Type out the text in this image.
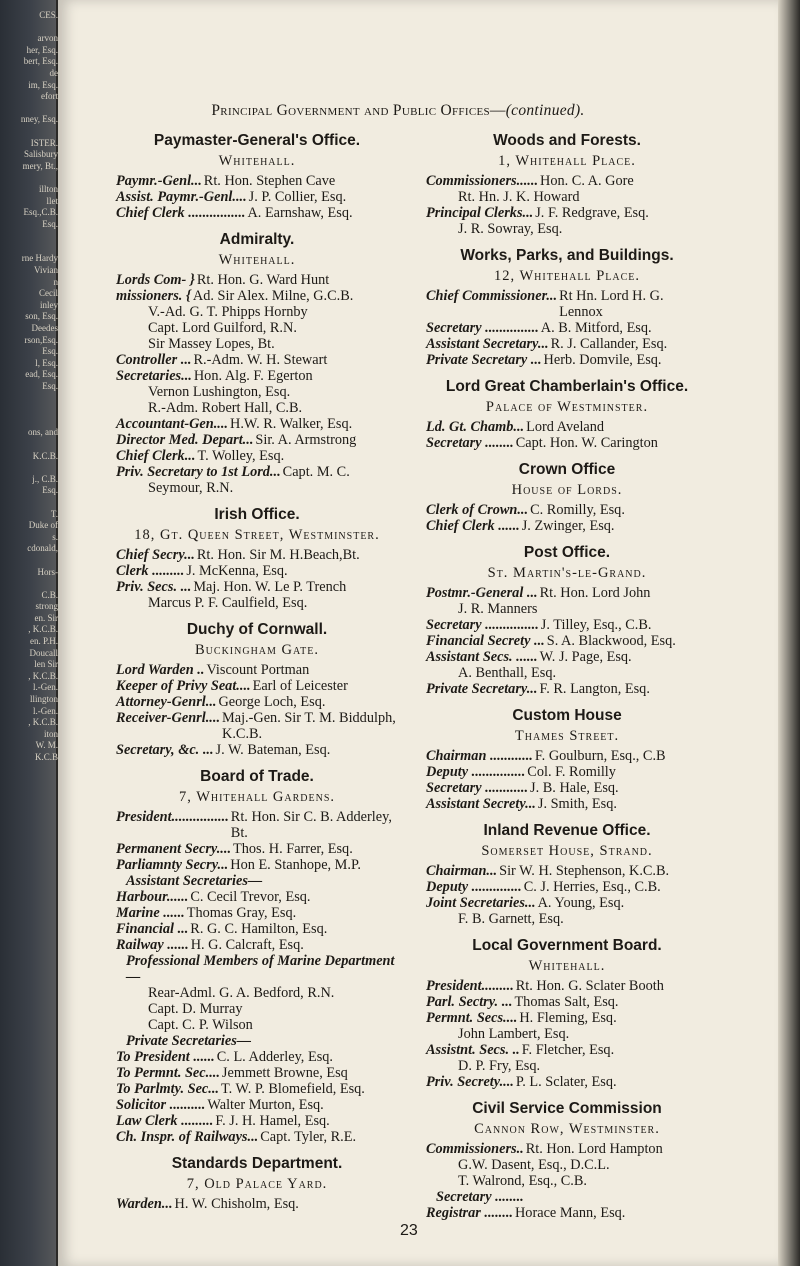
CES.
arvon
her, Esq.
bert, Esq.
de
im, Esq.
efort
nney, Esq.
ISTER.
Salisbury
mery, Bt.,
illton
llet
Esq.,C.B.
Esq.
rne Hardy
Vivian
n
Cecil
inley
son, Esq.
Deedes
rson,Esq.
Esq.
l, Esq.
ead, Esq.
Esq.
ons, and
K.C.B.
j., C.B.
Esq.
T.
Duke of
s.
cdonald,
Hors-
C.B.
strong
en. Sir
, K.C.B.
en. P.H.
Doucall
len Sir
, K.C.B.
l.-Gen.
llington
l.-Gen.
, K.C.B.
iton
W. M.
K.C.B
Principal Government and Public Offices—(continued).
Paymaster-General's Office.
Whitehall.
Paymr.-Genl... Rt. Hon. Stephen Cave
Assist. Paymr.-Genl.... J. P. Collier, Esq.
Chief Clerk ................ A. Earnshaw, Esq.
Admiralty.
Whitehall.
Lords Com- } Rt. Hon. G. Ward Hunt
missioners. { Ad. Sir Alex. Milne, G.C.B.
V.-Ad. G. T. Phipps Hornby
Capt. Lord Guilford, R.N.
Sir Massey Lopes, Bt.
Controller ... R.-Adm. W. H. Stewart
Secretaries... Hon. Alg. F. Egerton
Vernon Lushington, Esq.
R.-Adm. Robert Hall, C.B.
Accountant-Gen.... H.W. R. Walker, Esq.
Director Med. Depart... Sir. A. Armstrong
Chief Clerk... T. Wolley, Esq.
Priv. Secretary to 1st Lord... Capt. M. C.
Seymour, R.N.
Irish Office.
18, Gt. Queen Street, Westminster.
Chief Secry... Rt. Hon. Sir M. H.Beach,Bt.
Clerk ......... J. McKenna, Esq.
Priv. Secs. ... Maj. Hon. W. Le P. Trench
Marcus P. F. Caulfield, Esq.
Duchy of Cornwall.
Buckingham Gate.
Lord Warden .. Viscount Portman
Keeper of Privy Seat.... Earl of Leicester
Attorney-Genrl... George Loch, Esq.
Receiver-Genrl.... Maj.-Gen. Sir T. M. Biddulph, K.C.B.
Secretary, &c. ... J. W. Bateman, Esq.
Board of Trade.
7, Whitehall Gardens.
President................ Rt. Hon. Sir C. B. Adderley, Bt.
Permanent Secry.... Thos. H. Farrer, Esq.
Parliamnty Secry... Hon E. Stanhope, M.P.
Assistant Secretaries—
Harbour...... C. Cecil Trevor, Esq.
Marine ...... Thomas Gray, Esq.
Financial ... R. G. C. Hamilton, Esq.
Railway ...... H. G. Calcraft, Esq.
Professional Members of Marine Department—
Rear-Adml. G. A. Bedford, R.N.
Capt. D. Murray
Capt. C. P. Wilson
Private Secretaries—
To President ...... C. L. Adderley, Esq.
To Permnt. Sec.... Jemmett Browne, Esq
To Parlmty. Sec... T. W. P. Blomefield, Esq.
Solicitor .......... Walter Murton, Esq.
Law Clerk ......... F. J. H. Hamel, Esq.
Ch. Inspr. of Railways... Capt. Tyler, R.E.
Standards Department.
7, Old Palace Yard.
Warden... H. W. Chisholm, Esq.
Woods and Forests.
1, Whitehall Place.
Commissioners...... Hon. C. A. Gore
Rt. Hn. J. K. Howard
Principal Clerks... J. F. Redgrave, Esq.
J. R. Sowray, Esq.
Works, Parks, and Buildings.
12, Whitehall Place.
Chief Commissioner... Rt Hn. Lord H. G. Lennox
Secretary ............... A. B. Mitford, Esq.
Assistant Secretary... R. J. Callander, Esq.
Private Secretary ... Herb. Domvile, Esq.
Lord Great Chamberlain's Office.
Palace of Westminster.
Ld. Gt. Chamb... Lord Aveland
Secretary ........ Capt. Hon. W. Carington
Crown Office
House of Lords.
Clerk of Crown... C. Romilly, Esq.
Chief Clerk ...... J. Zwinger, Esq.
Post Office.
St. Martin's-le-Grand.
Postmr.-General ... Rt. Hon. Lord John
J. R. Manners
Secretary ............... J. Tilley, Esq., C.B.
Financial Secrety ... S. A. Blackwood, Esq.
Assistant Secs. ...... W. J. Page, Esq.
A. Benthall, Esq.
Private Secretary... F. R. Langton, Esq.
Custom House
Thames Street.
Chairman ............ F. Goulburn, Esq., C.B
Deputy ............... Col. F. Romilly
Secretary ............ J. B. Hale, Esq.
Assistant Secrety... J. Smith, Esq.
Inland Revenue Office.
Somerset House, Strand.
Chairman... Sir W. H. Stephenson, K.C.B.
Deputy .............. C. J. Herries, Esq., C.B.
Joint Secretaries... A. Young, Esq.
F. B. Garnett, Esq.
Local Government Board.
Whitehall.
President......... Rt. Hon. G. Sclater Booth
Parl. Sectry. ... Thomas Salt, Esq.
Permnt. Secs.... H. Fleming, Esq.
John Lambert, Esq.
Assistnt. Secs. .. F. Fletcher, Esq.
D. P. Fry, Esq.
Priv. Secrety.... P. L. Sclater, Esq.
Civil Service Commission
Cannon Row, Westminster.
Commissioners.. Rt. Hon. Lord Hampton
G.W. Dasent, Esq., D.C.L.
T. Walrond, Esq., C.B.
Secretary ........
Registrar ........ Horace Mann, Esq.
23
